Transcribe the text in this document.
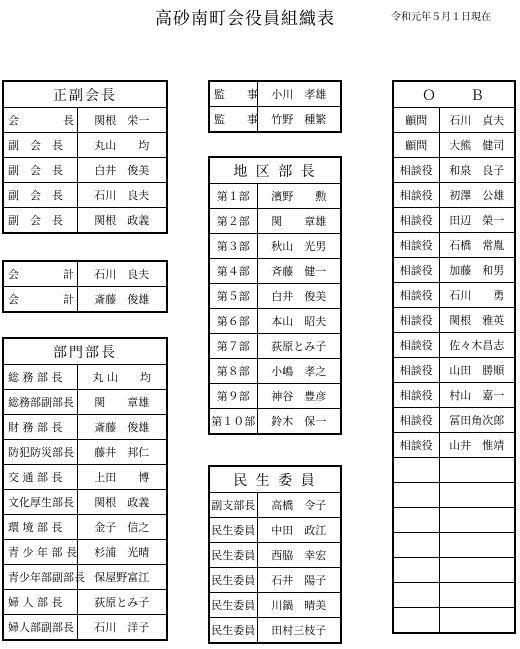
高砂南町会役員組織表	令和元年５月１日現在
正副会長	
会　　　　長	関根　栄一
副　会　長	丸山　　均
副　会　長	白井　俊美
副　会　長	石川　良夫
副　会　長	関根　政義
会　　　　計	石川　良夫
会　　　　計	斎藤　俊雄
部門部長	
総 務 部 長	丸 山　　均
総務部副部長	関　　章雄
財 務 部 長	斎藤　俊雄
防犯防災部長	藤井　邦仁
交 通 部 長	上田　　博
文化厚生部長	関根　政義
環 境 部 長	金子　信之
青 少 年 部 長	杉浦　光晴
青少年部副部長	保屋野富江
婦 人 部 長	荻原とみ子
婦人部副部長	石川　洋子
監　　事	小川　孝雄
監　　事	竹野　種繁
地 区 部 長	
第１部	濱野　　勲
第２部	関　　章雄
第３部	秋山　光男
第４部	斉藤　健一
第５部	白井　俊美
第６部	本山　昭夫
第７部	荻原とみ子
第８部	小嶋　孝之
第９部	神谷　豊彦
第１０部	鈴木　保一
民 生 委 員	
副支部長	高橋　令子
民生委員	中田　政江
民生委員	西脇　幸宏
民生委員	石井　陽子
民生委員	川鍋　晴美
民生委員	田村三枝子
Ｏ　　Ｂ	
顧問	石川　貞夫
顧問	大熊　健司
相談役	和泉　良子
相談役	初澤　公雄
相談役	田辺　榮一
相談役	石橋　常胤
相談役	加藤　和男
相談役	石川　　勇
相談役	関根　雅英
相談役	佐々木昌志
相談役	山田　勝順
相談役	村山　嘉一
相談役	冨田角次郎
相談役	山井　惟靖
